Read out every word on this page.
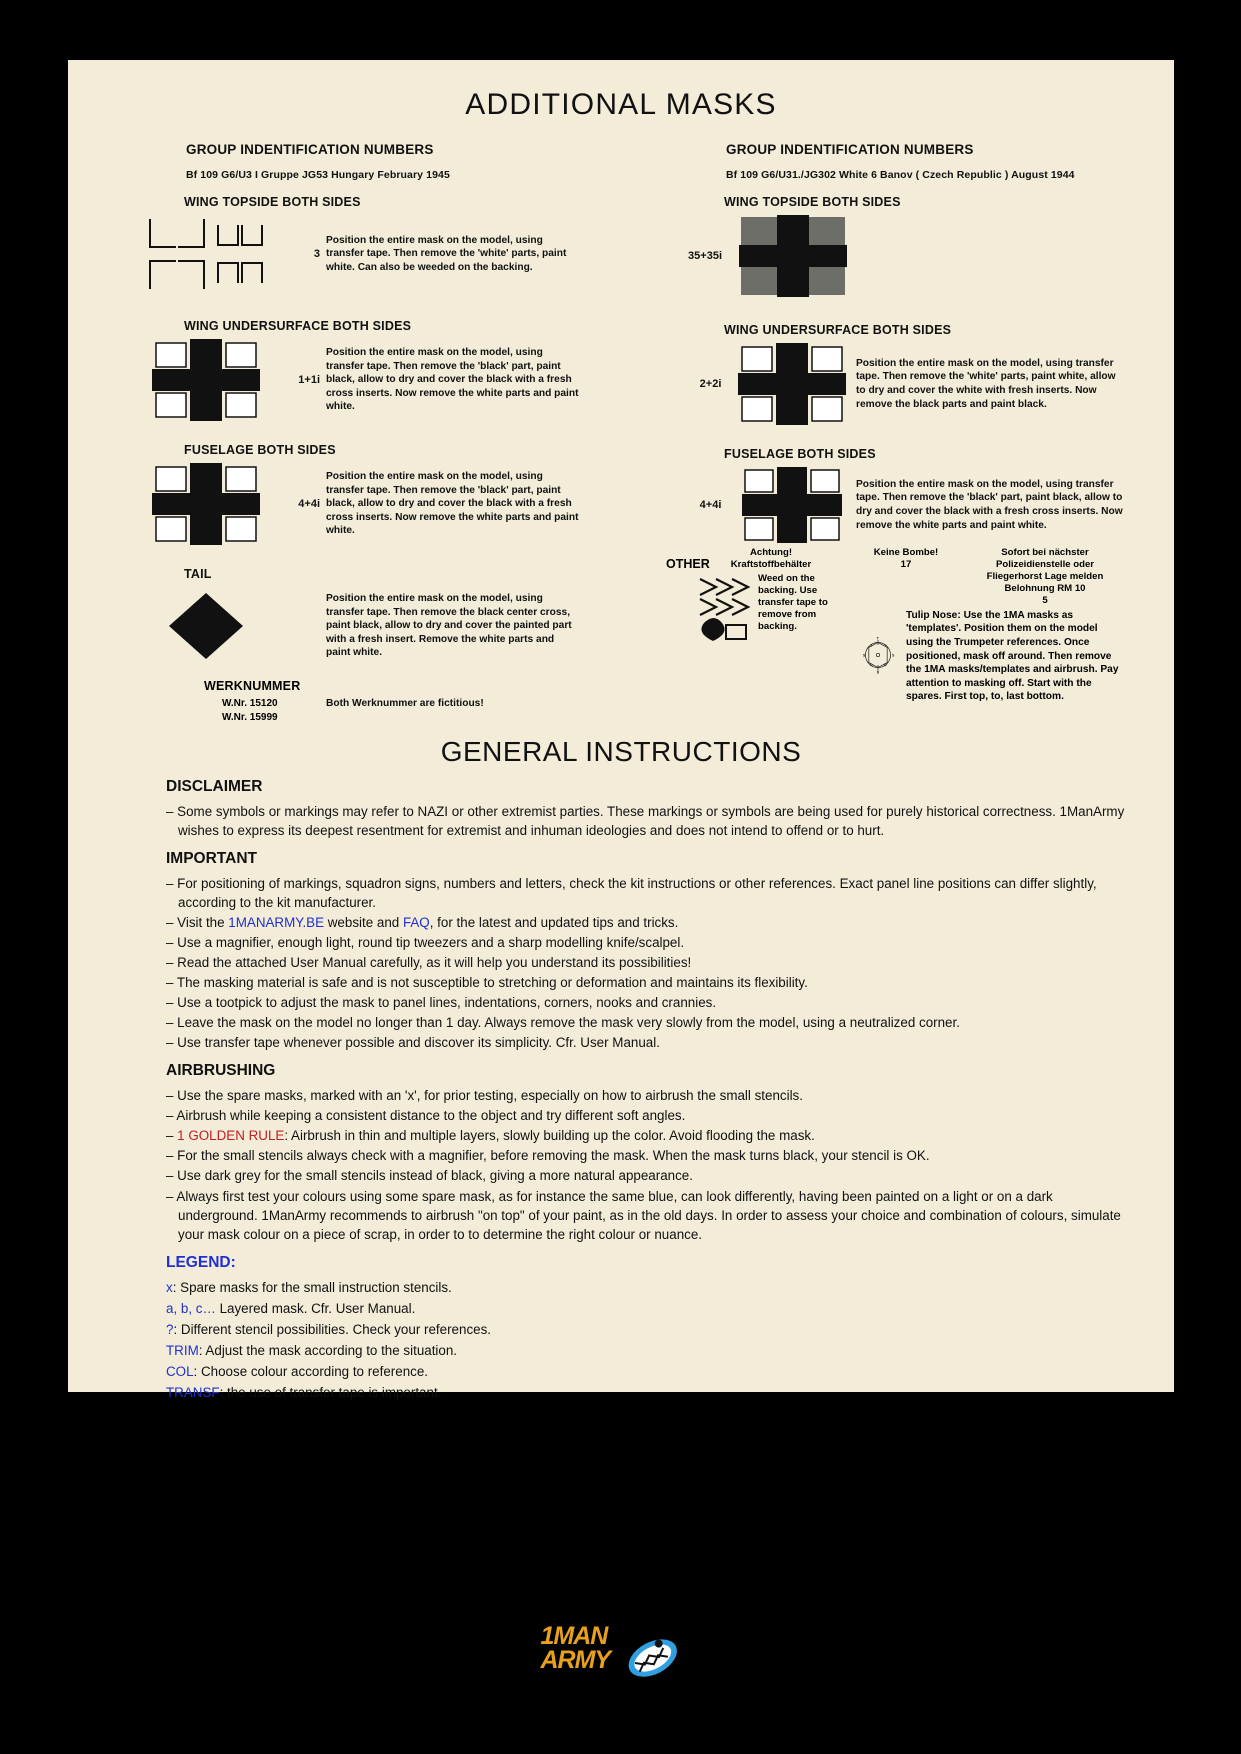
ADDITIONAL MASKS
GROUP INDENTIFICATION NUMBERS
Bf 109 G6/U3 I Gruppe JG53 Hungary February 1945
WING TOPSIDE BOTH SIDES
3
Position the entire mask on the model, using transfer tape. Then remove the 'white' parts, paint white. Can also be weeded on the backing.
WING UNDERSURFACE BOTH SIDES
1+1i
Position the entire mask on the model, using transfer tape. Then remove the 'black' part, paint black, allow to dry and cover the black with a fresh cross inserts. Now remove the white parts and paint white.
FUSELAGE BOTH SIDES
4+4i
Position the entire mask on the model, using transfer tape. Then remove the 'black' part, paint black, allow to dry and cover the black with a fresh cross inserts. Now remove the white parts and paint white.
TAIL
Position the entire mask on the model, using transfer tape. Then remove the black center cross, paint black, allow to dry and cover the painted part with a fresh insert. Remove the white parts and paint white.
WERKNUMMER
W.Nr. 15120
W.Nr. 15999
Both Werknummer are fictitious!
GROUP INDENTIFICATION NUMBERS
Bf 109 G6/U31./JG302 White 6 Banov ( Czech Republic ) August 1944
WING TOPSIDE BOTH SIDES
35+35i
WING UNDERSURFACE BOTH SIDES
2+2i
Position the entire mask on the model, using transfer tape. Then remove the 'white' parts, paint white, allow to dry and cover the white with fresh inserts. Now remove the black parts and paint black.
FUSELAGE BOTH SIDES
4+4i
Position the entire mask on the model, using transfer tape. Then remove the 'black' part, paint black, allow to dry and cover the black with a fresh cross inserts. Now remove the white parts and paint white.
OTHER
Achtung!
Kraftstoffbehälter
Weed on the backing. Use transfer tape to remove from backing.
Keine Bombe!
17
Sofort bei nächster Polizeidienstelle oder
Fliegerhorst Lage melden
Belohnung RM 10
5
T
T T
S	S
D D
D
Tulip Nose: Use the 1MA masks as 'templates'. Position them on the model using the Trumpeter references. Once positioned, mask off around. Then remove the 1MA masks/templates and airbrush. Pay attention to masking off. Start with the spares. First top, to, last bottom.
GENERAL INSTRUCTIONS
DISCLAIMER
– Some symbols or markings may refer to NAZI or other extremist parties. These markings or symbols are being used for purely historical correctness. 1ManArmy wishes to express its deepest resentment for extremist and inhuman ideologies and does not intend to offend or to hurt.
IMPORTANT
– For positioning of markings, squadron signs, numbers and letters, check the kit instructions or other references. Exact panel line positions can differ slightly, according to the kit manufacturer.
– Visit the 1MANARMY.BE website and FAQ, for the latest and updated tips and tricks.
– Use a magnifier, enough light, round tip tweezers and a sharp modelling knife/scalpel.
– Read the attached User Manual carefully, as it will help you understand its possibilities!
– The masking material is safe and is not susceptible to stretching or deformation and maintains its flexibility.
– Use a tootpick to adjust the mask to panel lines, indentations, corners, nooks and crannies.
– Leave the mask on the model no longer than 1 day. Always remove the mask very slowly from the model, using a neutralized corner.
– Use transfer tape whenever possible and discover its simplicity. Cfr. User Manual.
AIRBRUSHING
– Use the spare masks, marked with an 'x', for prior testing, especially on how to airbrush the small stencils.
– Airbrush while keeping a consistent distance to the object and try different soft angles.
– 1 GOLDEN RULE: Airbrush in thin and multiple layers, slowly building up the color. Avoid flooding the mask.
– For the small stencils always check with a magnifier, before removing the mask. When the mask turns black, your stencil is OK.
– Use dark grey for the small stencils instead of black, giving a more natural appearance.
– Always first test your colours using some spare mask, as for instance the same blue, can look differently, having been painted on a light or on a dark underground. 1ManArmy recommends to airbrush "on top" of your paint, as in the old days. In order to assess your choice and combination of colours, simulate your mask colour on a piece of scrap, in order to to determine the right colour or nuance.
LEGEND:
x: Spare masks for the small instruction stencils.
a, b, c… Layered mask. Cfr. User Manual.
?: Different stencil possibilities. Check your references.
TRIM: Adjust the mask according to the situation.
COL: Choose colour according to reference.
TRANSF: the use of transfer tape is important.
1MAN
ARMY
